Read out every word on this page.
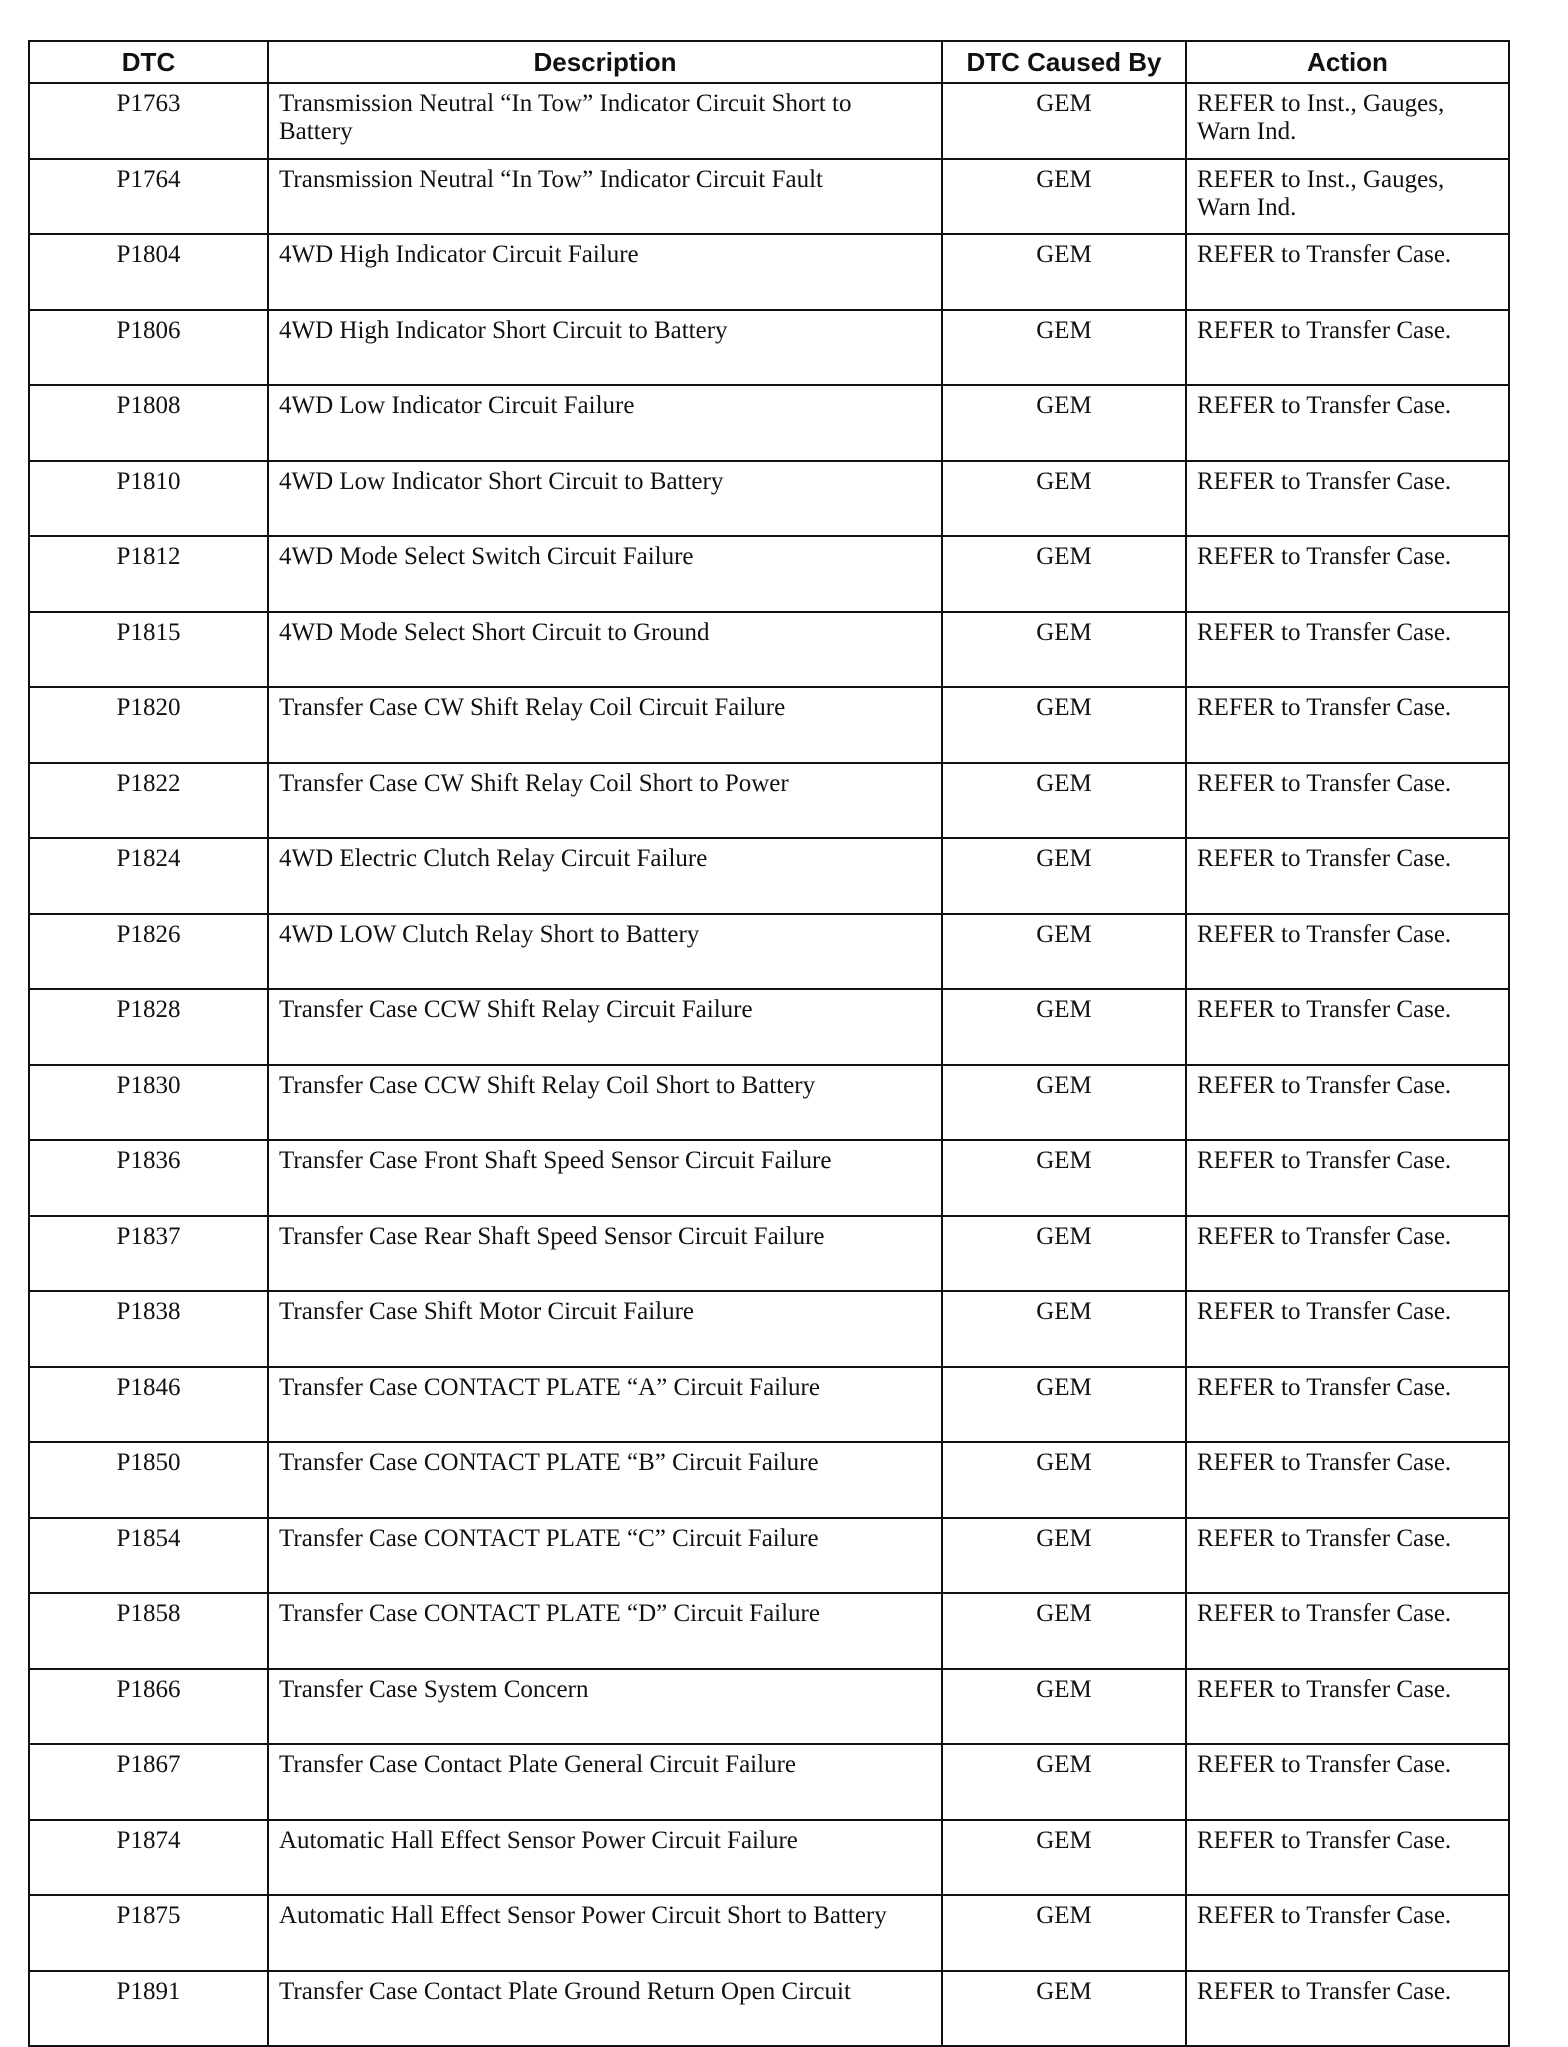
DTC	Description	DTC Caused By	Action
P1763	Transmission Neutral “In Tow” Indicator Circuit Short to Battery	GEM	REFER to Inst., Gauges, Warn Ind.
P1764	Transmission Neutral “In Tow” Indicator Circuit Fault	GEM	REFER to Inst., Gauges, Warn Ind.
P1804	4WD High Indicator Circuit Failure	GEM	REFER to Transfer Case.
P1806	4WD High Indicator Short Circuit to Battery	GEM	REFER to Transfer Case.
P1808	4WD Low Indicator Circuit Failure	GEM	REFER to Transfer Case.
P1810	4WD Low Indicator Short Circuit to Battery	GEM	REFER to Transfer Case.
P1812	4WD Mode Select Switch Circuit Failure	GEM	REFER to Transfer Case.
P1815	4WD Mode Select Short Circuit to Ground	GEM	REFER to Transfer Case.
P1820	Transfer Case CW Shift Relay Coil Circuit Failure	GEM	REFER to Transfer Case.
P1822	Transfer Case CW Shift Relay Coil Short to Power	GEM	REFER to Transfer Case.
P1824	4WD Electric Clutch Relay Circuit Failure	GEM	REFER to Transfer Case.
P1826	4WD LOW Clutch Relay Short to Battery	GEM	REFER to Transfer Case.
P1828	Transfer Case CCW Shift Relay Circuit Failure	GEM	REFER to Transfer Case.
P1830	Transfer Case CCW Shift Relay Coil Short to Battery	GEM	REFER to Transfer Case.
P1836	Transfer Case Front Shaft Speed Sensor Circuit Failure	GEM	REFER to Transfer Case.
P1837	Transfer Case Rear Shaft Speed Sensor Circuit Failure	GEM	REFER to Transfer Case.
P1838	Transfer Case Shift Motor Circuit Failure	GEM	REFER to Transfer Case.
P1846	Transfer Case CONTACT PLATE “A” Circuit Failure	GEM	REFER to Transfer Case.
P1850	Transfer Case CONTACT PLATE “B” Circuit Failure	GEM	REFER to Transfer Case.
P1854	Transfer Case CONTACT PLATE “C” Circuit Failure	GEM	REFER to Transfer Case.
P1858	Transfer Case CONTACT PLATE “D” Circuit Failure	GEM	REFER to Transfer Case.
P1866	Transfer Case System Concern	GEM	REFER to Transfer Case.
P1867	Transfer Case Contact Plate General Circuit Failure	GEM	REFER to Transfer Case.
P1874	Automatic Hall Effect Sensor Power Circuit Failure	GEM	REFER to Transfer Case.
P1875	Automatic Hall Effect Sensor Power Circuit Short to Battery	GEM	REFER to Transfer Case.
P1891	Transfer Case Contact Plate Ground Return Open Circuit	GEM	REFER to Transfer Case.
